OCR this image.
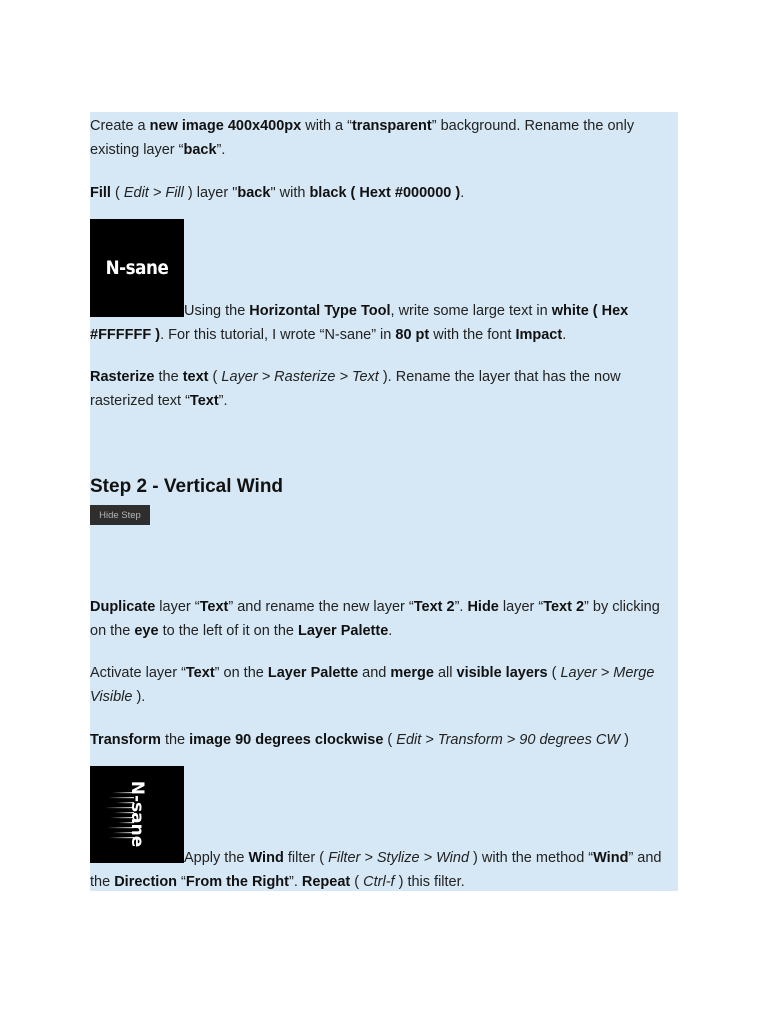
Create a new image 400x400px with a “transparent” background. Rename the only existing layer “back”.

Fill ( Edit > Fill ) layer "back" with black ( Hext #000000 ).

N-sane

Using the Horizontal Type Tool, write some large text in white ( Hex #FFFFFF ). For this tutorial, I wrote “N-sane” in 80 pt with the font Impact.

Rasterize the text ( Layer > Rasterize > Text ). Rename the layer that has the now rasterized text “Text”.

Step 2 - Vertical Wind
Hide Step

Duplicate layer “Text” and rename the new layer “Text 2”. Hide layer “Text 2” by clicking on the eye to the left of it on the Layer Palette.

Activate layer “Text” on the Layer Palette and merge all visible layers ( Layer > Merge Visible ).

Transform the image 90 degrees clockwise ( Edit > Transform > 90 degrees CW )

N-sane

Apply the Wind filter ( Filter > Stylize > Wind ) with the method “Wind” and the Direction “From the Right”. Repeat ( Ctrl-f ) this filter.
